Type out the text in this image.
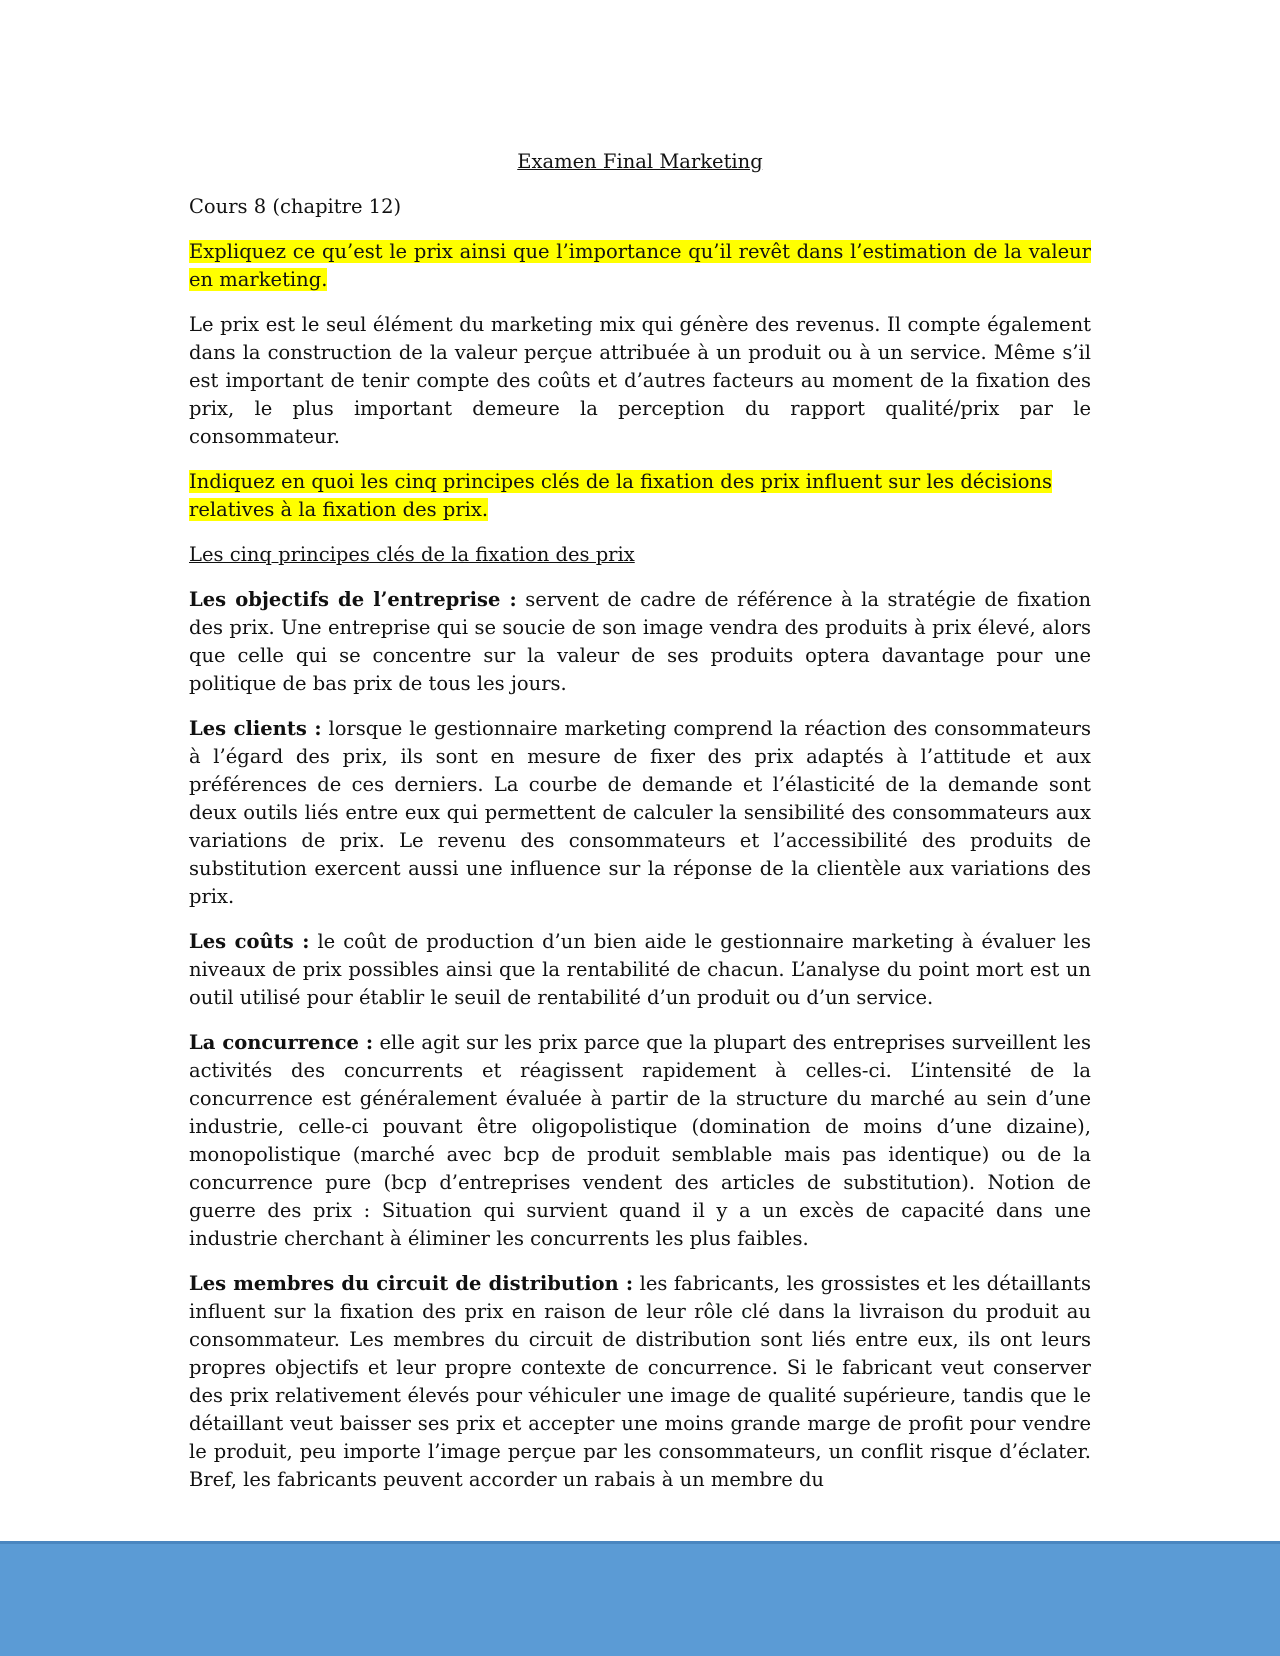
Examen Final Marketing

Cours 8 (chapitre 12)

Expliquez ce qu’est le prix ainsi que l’importance qu’il revêt dans l’estimation de la valeur en marketing.

Le prix est le seul élément du marketing mix qui génère des revenus. Il compte également dans la construction de la valeur perçue attribuée à un produit ou à un service. Même s’il est important de tenir compte des coûts et d’autres facteurs au moment de la fixation des prix, le plus important demeure la perception du rapport qualité/prix par le consommateur.

Indiquez en quoi les cinq principes clés de la fixation des prix influent sur les décisions relatives à la fixation des prix.

Les cinq principes clés de la fixation des prix

Les objectifs de l’entreprise : servent de cadre de référence à la stratégie de fixation des prix. Une entreprise qui se soucie de son image vendra des produits à prix élevé, alors que celle qui se concentre sur la valeur de ses produits optera davantage pour une politique de bas prix de tous les jours.

Les clients : lorsque le gestionnaire marketing comprend la réaction des consommateurs à l’égard des prix, ils sont en mesure de fixer des prix adaptés à l’attitude et aux préférences de ces derniers. La courbe de demande et l’élasticité de la demande sont deux outils liés entre eux qui permettent de calculer la sensibilité des consommateurs aux variations de prix. Le revenu des consommateurs et l’accessibilité des produits de substitution exercent aussi une influence sur la réponse de la clientèle aux variations des prix.

Les coûts : le coût de production d’un bien aide le gestionnaire marketing à évaluer les niveaux de prix possibles ainsi que la rentabilité de chacun. L’analyse du point mort est un outil utilisé pour établir le seuil de rentabilité d’un produit ou d’un service.

La concurrence : elle agit sur les prix parce que la plupart des entreprises surveillent les activités des concurrents et réagissent rapidement à celles-ci. L’intensité de la concurrence est généralement évaluée à partir de la structure du marché au sein d’une industrie, celle-ci pouvant être oligopolistique (domination de moins d’une dizaine), monopolistique (marché avec bcp de produit semblable mais pas identique) ou de la concurrence pure (bcp d’entreprises vendent des articles de substitution). Notion de guerre des prix : Situation qui survient quand il y a un excès de capacité dans une industrie cherchant à éliminer les concurrents les plus faibles.

Les membres du circuit de distribution : les fabricants, les grossistes et les détaillants influent sur la fixation des prix en raison de leur rôle clé dans la livraison du produit au consommateur. Les membres du circuit de distribution sont liés entre eux, ils ont leurs propres objectifs et leur propre contexte de concurrence. Si le fabricant veut conserver des prix relativement élevés pour véhiculer une image de qualité supérieure, tandis que le détaillant veut baisser ses prix et accepter une moins grande marge de profit pour vendre le produit, peu importe l’image perçue par les consommateurs, un conflit risque d’éclater. Bref, les fabricants peuvent accorder un rabais à un membre du
